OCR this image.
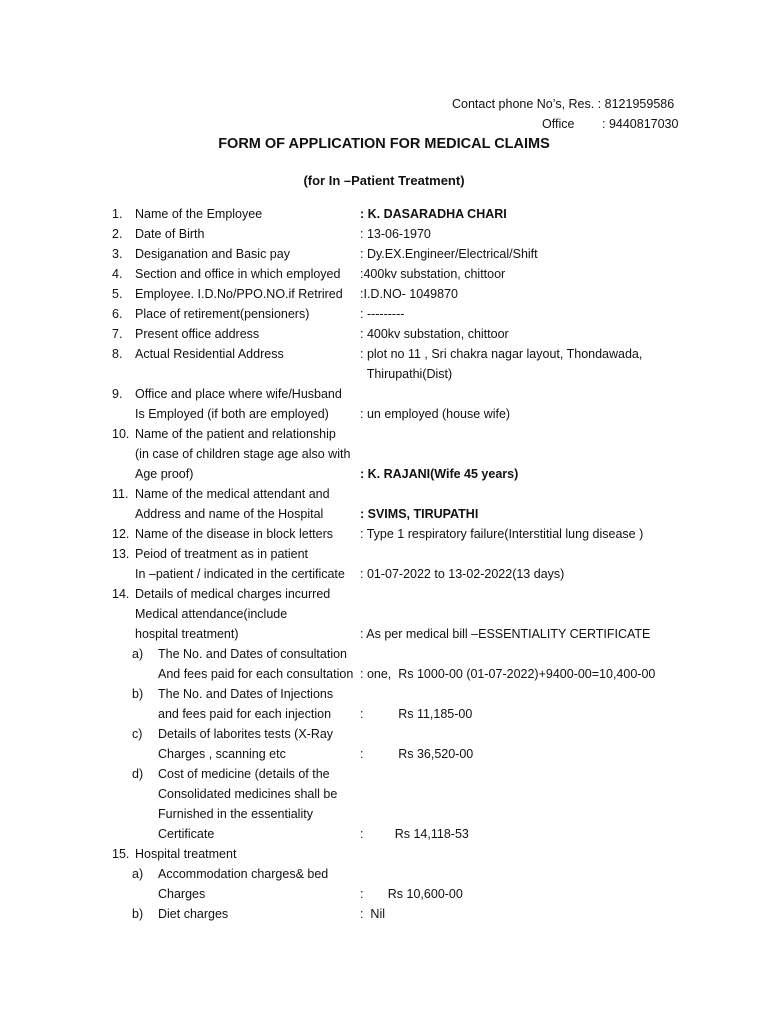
Contact phone No’s, Res. :
8121959586
Office	: 9440817030
FORM OF APPLICATION FOR MEDICAL CLAIMS
(for In –Patient Treatment)
1. Name of the Employee	: K. DASARADHA CHARI
2. Date of Birth	: 13-06-1970
3. Desiganation and Basic pay	: Dy.EX.Engineer/Electrical/Shift
4. Section and office in which employed :400kv substation, chittoor
5. Employee. I.D.No/PPO.NO.if Retrired :I.D.NO- 1049870
6. Place of retirement(pensioners)	: ---------
7. Present office address	: 400kv substation, chittoor
8. Actual Residential Address	: plot no 11 , Sri chakra nagar layout, Thondawada,
Thirupathi(Dist)
9. Office and place where wife/Husband
Is Employed (if both are employed) : un employed (house wife)
10. Name of the patient and relationship
(in case of children stage age also with
Age proof)	: K. RAJANI(Wife 45 years)
11. Name of the medical attendant and
Address and name of the Hospital	: SVIMS, TIRUPATHI
12. Name of the disease in block letters : Type 1 respiratory failure(Interstitial lung disease )
13. Peiod of treatment as in patient
In –patient / indicated in the certificate : 01-07-2022 to 13-02-2022(13 days)
14. Details of medical charges incurred
Medical attendance(include
hospital treatment)	: As per medical bill –ESSENTIALITY CERTIFICATE
a) The No. and Dates of consultation
And fees paid for each consultation : one,  Rs 1000-00 (01-07-2022)+9400-00=10,400-00
b) The No. and Dates of Injections
and fees paid for each injection :          Rs 11,185-00
c) Details of laborites tests (X-Ray
Charges , scanning etc	:          Rs 36,520-00
d) Cost of medicine (details of the
Consolidated medicines shall be
Furnished in the essentiality
Certificate	:         Rs 14,118-53
15. Hospital treatment
a) Accommodation charges& bed
Charges	:       Rs 10,600-00
b) Diet charges	:  Nil
